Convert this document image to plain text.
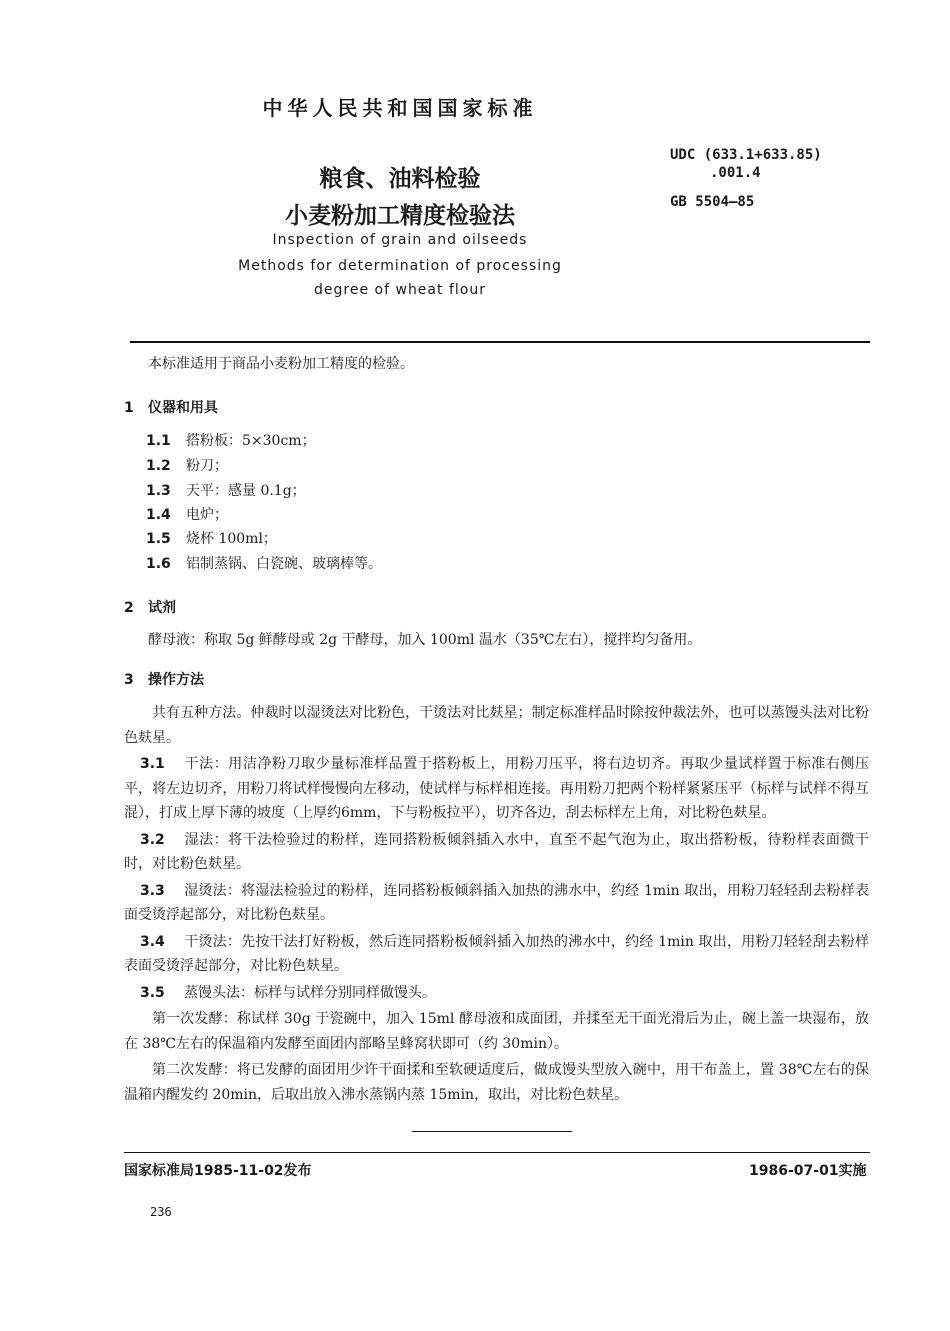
中华人民共和国国家标准
粮食、油料检验
小麦粉加工精度检验法
Inspection of grain and oilseeds
Methods for determination of processing
degree of wheat flour
UDC (633.1+633.85)
.001.4
GB 5504—85
本标准适用于商品小麦粉加工精度的检验。
1 仪器和用具
1.1 搭粉板：5×30cm；
1.2 粉刀；
1.3 天平：感量 0.1g；
1.4 电炉；
1.5 烧杯 100ml；
1.6 铝制蒸锅、白瓷碗、玻璃棒等。
2 试剂
酵母液：称取 5g 鲜酵母或 2g 干酵母，加入 100ml 温水（35℃左右），搅拌均匀备用。
3 操作方法

共有五种方法。仲裁时以湿烫法对比粉色，干烫法对比麸星；制定标准样品时除按仲裁法外，也可以蒸馒头法对比粉色麸星。

3.1 干法：用洁净粉刀取少量标准样品置于搭粉板上，用粉刀压平，将右边切齐。再取少量试样置于标准右侧压平，将左边切齐，用粉刀将试样慢慢向左移动，使试样与标样相连接。再用粉刀把两个粉样紧紧压平（标样与试样不得互混），打成上厚下薄的坡度（上厚约6mm，下与粉板拉平），切齐各边，刮去标样左上角，对比粉色麸星。

3.2 湿法：将干法检验过的粉样，连同搭粉板倾斜插入水中，直至不起气泡为止，取出搭粉板，待粉样表面微干时，对比粉色麸星。

3.3 湿烫法：将湿法检验过的粉样，连同搭粉板倾斜插入加热的沸水中，约经 1min 取出，用粉刀轻轻刮去粉样表面受烫浮起部分，对比粉色麸星。

3.4 干烫法：先按干法打好粉板，然后连同搭粉板倾斜插入加热的沸水中，约经 1min 取出，用粉刀轻轻刮去粉样表面受烫浮起部分，对比粉色麸星。

3.5 蒸馒头法：标样与试样分别同样做馒头。

第一次发酵：称试样 30g 于瓷碗中，加入 15ml 酵母液和成面团，并揉至无干面光滑后为止，碗上盖一块湿布，放在 38℃左右的保温箱内发酵至面团内部略呈蜂窝状即可（约 30min）。

第二次发酵：将已发酵的面团用少许干面揉和至软硬适度后，做成馒头型放入碗中，用干布盖上，置 38℃左右的保温箱内醒发约 20min，后取出放入沸水蒸锅内蒸 15min，取出，对比粉色麸星。

国家标准局1985-11-02发布	1986-07-01实施
236
